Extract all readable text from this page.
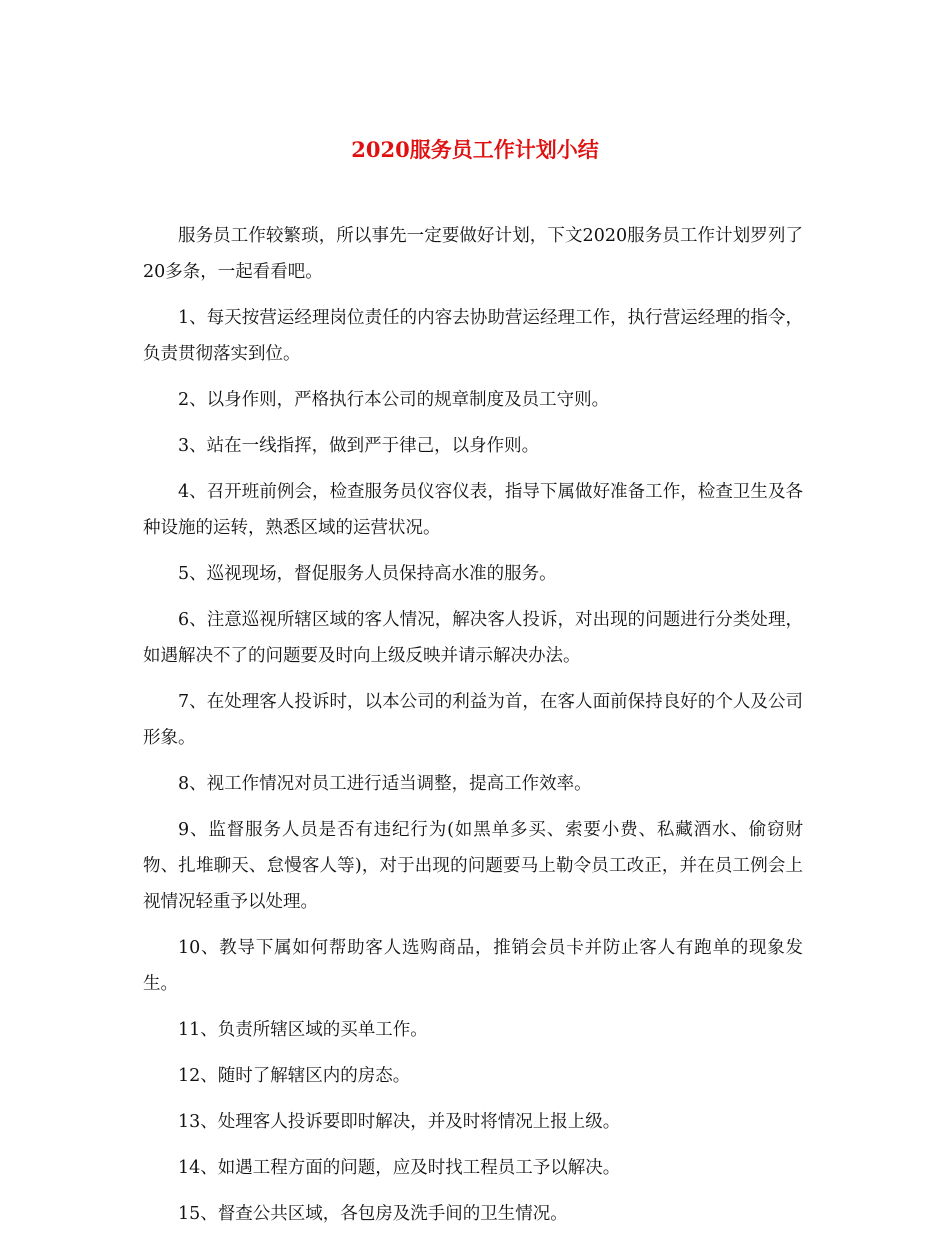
2020服务员工作计划小结

服务员工作较繁琐，所以事先一定要做好计划，下文2020服务员工作计划罗列了20多条，一起看看吧。

1、每天按营运经理岗位责任的内容去协助营运经理工作，执行营运经理的指令，负责贯彻落实到位。

2、以身作则，严格执行本公司的规章制度及员工守则。

3、站在一线指挥，做到严于律己，以身作则。

4、召开班前例会，检查服务员仪容仪表，指导下属做好准备工作，检查卫生及各种设施的运转，熟悉区域的运营状况。

5、巡视现场，督促服务人员保持高水准的服务。

6、注意巡视所辖区域的客人情况，解决客人投诉，对出现的问题进行分类处理，如遇解决不了的问题要及时向上级反映并请示解决办法。

7、在处理客人投诉时，以本公司的利益为首，在客人面前保持良好的个人及公司形象。

8、视工作情况对员工进行适当调整，提高工作效率。

9、监督服务人员是否有违纪行为(如黑单多买、索要小费、私藏酒水、偷窃财物、扎堆聊天、怠慢客人等)，对于出现的问题要马上勒令员工改正，并在员工例会上视情况轻重予以处理。

10、教导下属如何帮助客人选购商品，推销会员卡并防止客人有跑单的现象发生。

11、负责所辖区域的买单工作。

12、随时了解辖区内的房态。

13、处理客人投诉要即时解决，并及时将情况上报上级。

14、如遇工程方面的问题，应及时找工程员工予以解决。

15、督查公共区域，各包房及洗手间的卫生情况。
